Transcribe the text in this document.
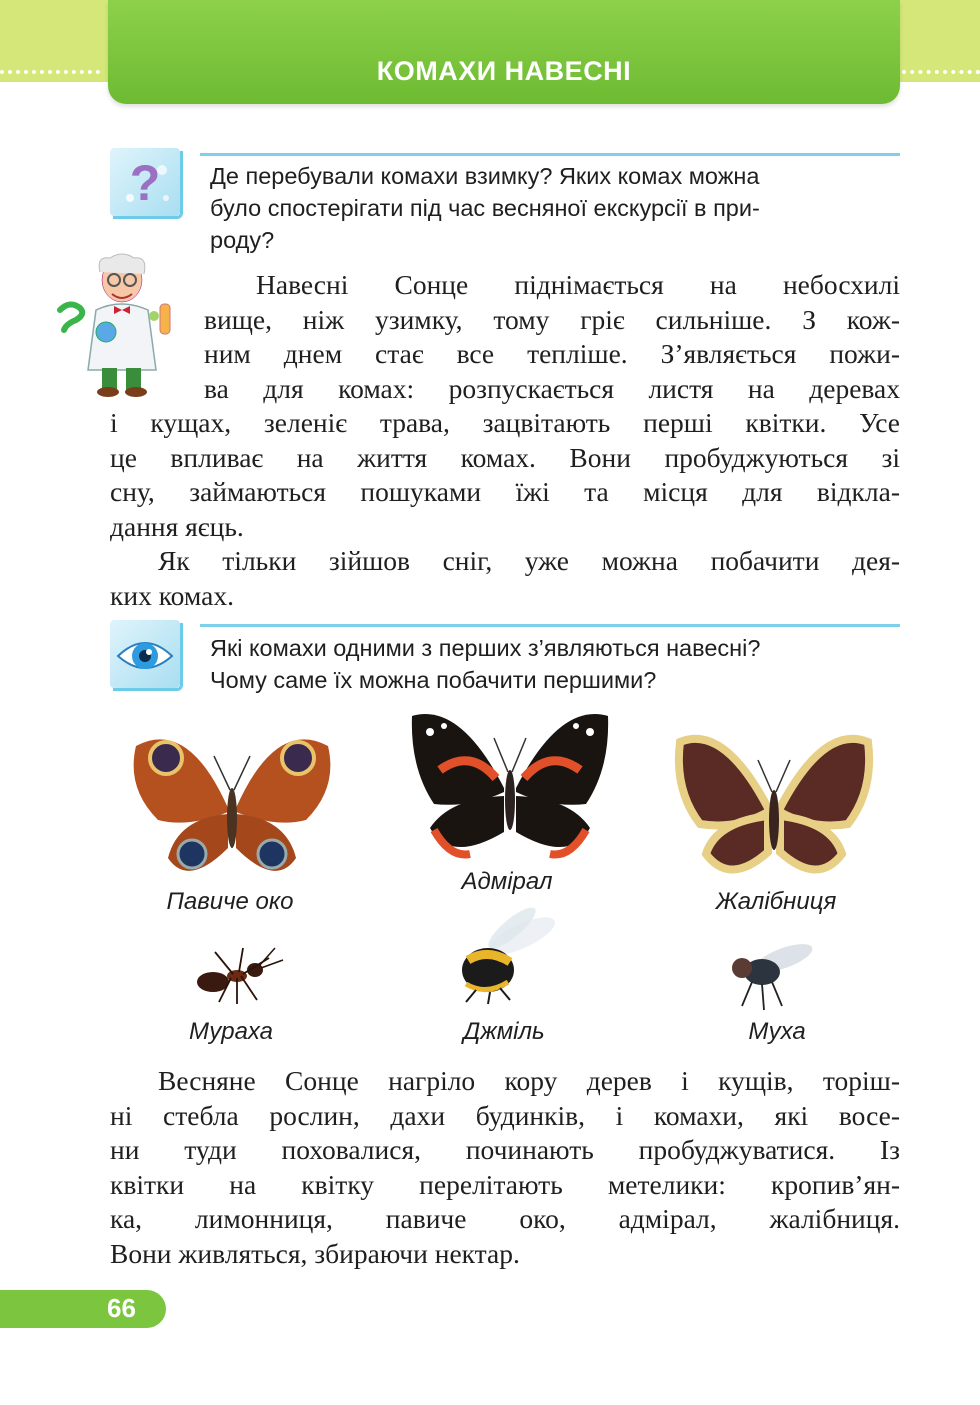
КОМАХИ НАВЕСНІ
? Де перебували комахи взимку? Яких комах можна
було спостерігати під час весняної екскурсії в при-
роду?

Навесні Сонце піднімається на небосхилі
вище, ніж узимку, тому гріє сильніше. З кож-
ним днем стає все тепліше. З’являється пожи-
ва для комах: розпускається листя на деревах
і кущах, зеленіє трава, зацвітають перші квітки. Усе
це впливає на життя комах. Вони пробуджуються зі
сну, займаються пошуками їжі та місця для відкла-
дання яєць.
Як тільки зійшов сніг, уже можна побачити дея-
ких комах.

Які комахи одними з перших з’являються навесні?
Чому саме їх можна побачити першими?

Павиче око
Адмірал
Жалібниця
Мураха	Джміль	Муха
Весняне Сонце нагріло кору дерев і кущів, торіш-
ні стебла рослин, дахи будинків, і комахи, які восе-
ни туди поховалися, починають пробуджуватися. Із
квітки на квітку перелітають метелики: кропив’ян-
ка, лимонниця, павиче око, адмірал, жалібниця.
Вони живляться, збираючи нектар.
66
